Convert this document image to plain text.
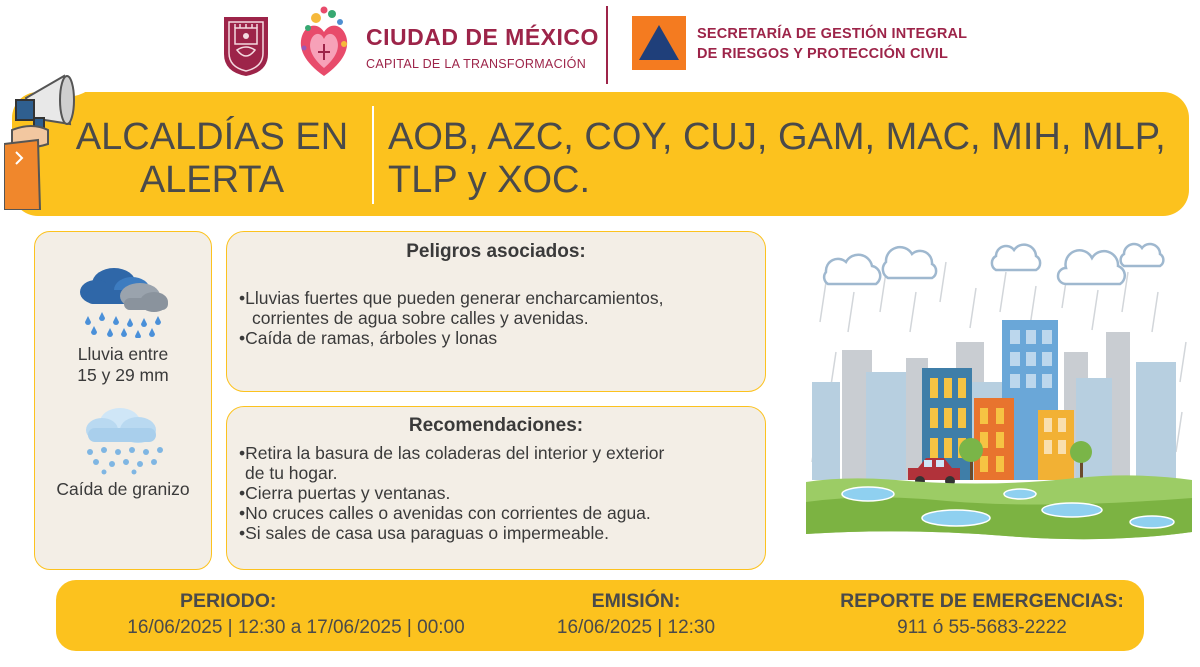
CIUDAD DE MÉXICO
CAPITAL DE LA TRANSFORMACIÓN
SECRETARÍA DE GESTIÓN INTEGRAL
DE RIESGOS Y PROTECCIÓN CIVIL
ALCALDÍAS EN
ALERTA
AOB, AZC, COY, CUJ, GAM, MAC, MIH, MLP,
TLP y XOC.
Lluvia entre
15 y 29 mm
Caída de granizo
Peligros asociados:
•Lluvias fuertes que pueden generar encharcamientos,
corrientes de agua sobre calles y avenidas.
•Caída de ramas, árboles y lonas
Recomendaciones:
•Retira la basura de las coladeras del interior y exterior
de tu hogar.
•Cierra puertas y ventanas.
•No cruces calles o avenidas con corrientes de agua.
•Si sales de casa usa paraguas o impermeable.
PERIODO:
16/06/2025 | 12:30 a 17/06/2025 | 00:00
EMISIÓN:
16/06/2025 | 12:30
REPORTE DE EMERGENCIAS:
911 ó 55-5683-2222
